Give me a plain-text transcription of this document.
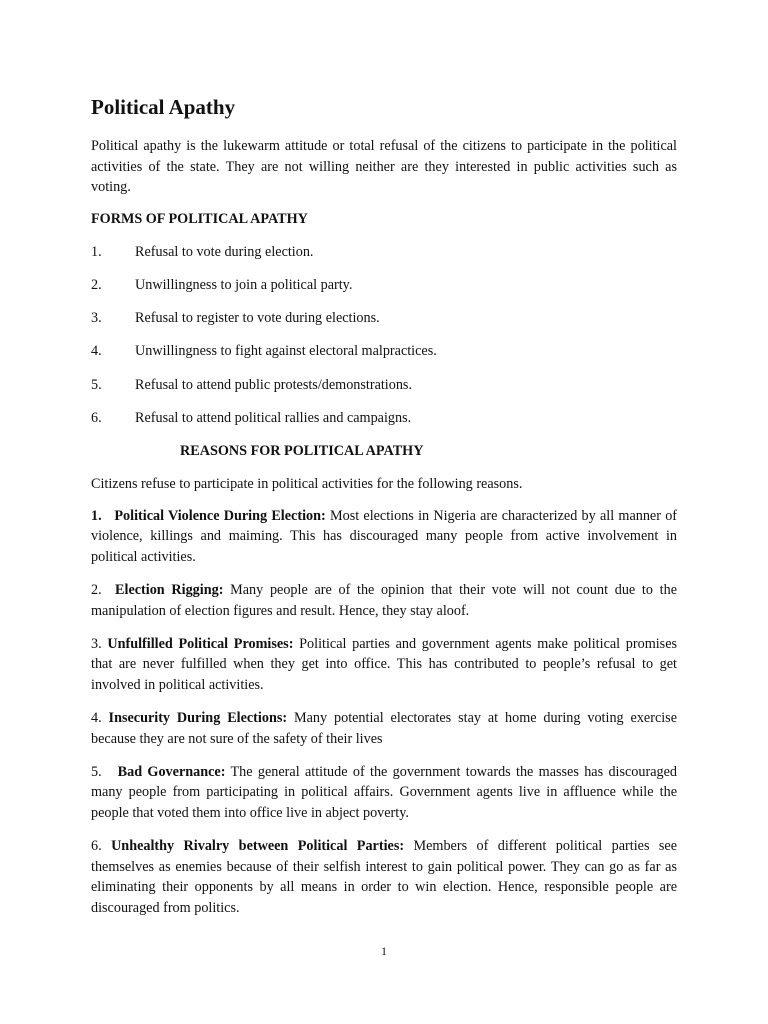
Political Apathy

Political apathy is the lukewarm attitude or total refusal of the citizens to participate in the political activities of the state. They are not willing neither are they interested in public activities such as voting.

FORMS OF POLITICAL APATHY
1.	Refusal to vote during election.
2.	Unwillingness to join a political party.
3.	Refusal to register to vote during elections.
4.	Unwillingness to fight against electoral malpractices.
5.	Refusal to attend public protests/demonstrations.
6.	Refusal to attend political rallies and campaigns.
REASONS FOR POLITICAL APATHY

Citizens refuse to participate in political activities for the following reasons.

1. Political Violence During Election: Most elections in Nigeria are characterized by all manner of violence, killings and maiming. This has discouraged many people from active involvement in political activities.

2. Election Rigging: Many people are of the opinion that their vote will not count due to the manipulation of election figures and result. Hence, they stay aloof.

3. Unfulfilled Political Promises: Political parties and government agents make political promises that are never fulfilled when they get into office. This has contributed to people’s refusal to get involved in political activities.

4. Insecurity During Elections: Many potential electorates stay at home during voting exercise because they are not sure of the safety of their lives

5. Bad Governance: The general attitude of the government towards the masses has discouraged many people from participating in political affairs. Government agents live in affluence while the people that voted them into office live in abject poverty.

6. Unhealthy Rivalry between Political Parties: Members of different political parties see themselves as enemies because of their selfish interest to gain political power. They can go as far as eliminating their opponents by all means in order to win election. Hence, responsible people are discouraged from politics.

1
